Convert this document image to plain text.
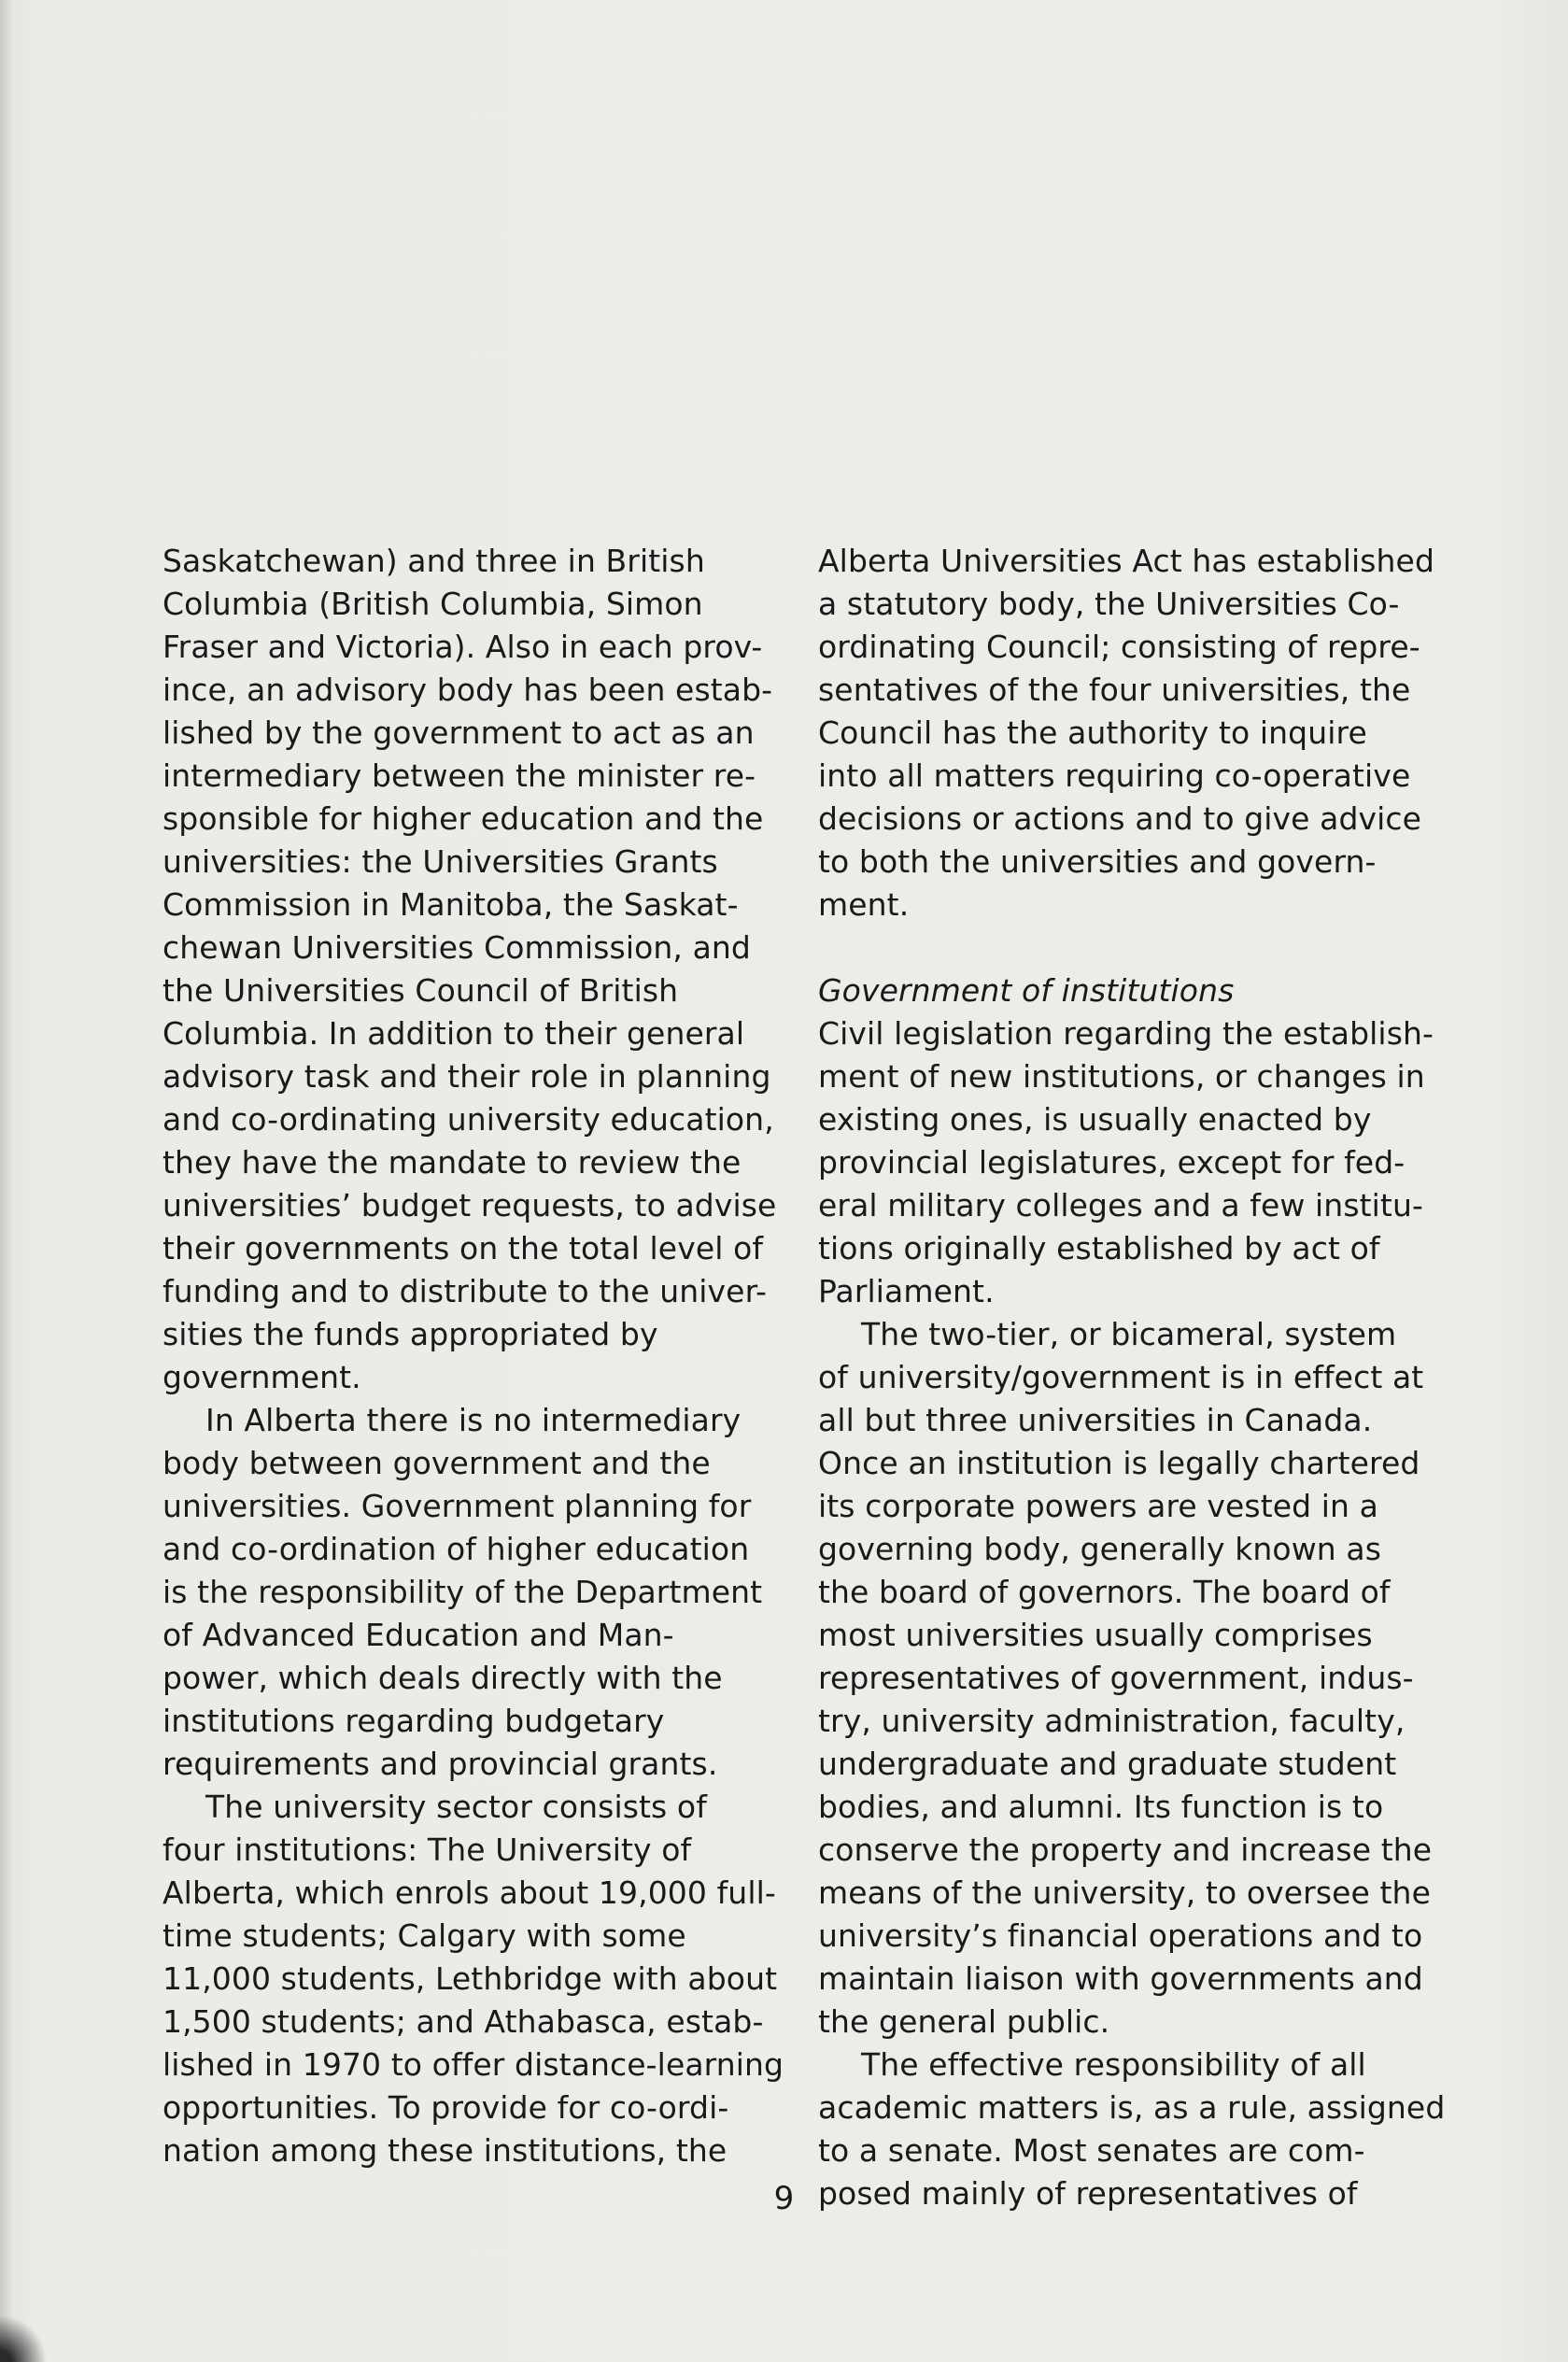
Saskatchewan) and three in British
Columbia (British Columbia, Simon
Fraser and Victoria). Also in each prov-
ince, an advisory body has been estab-
lished by the government to act as an
intermediary between the minister re-
sponsible for higher education and the
universities: the Universities Grants
Commission in Manitoba, the Saskat-
chewan Universities Commission, and
the Universities Council of British
Columbia. In addition to their general
advisory task and their role in planning
and co-ordinating university education,
they have the mandate to review the
universities’ budget requests, to advise
their governments on the total level of
funding and to distribute to the univer-
sities the funds appropriated by
government.
In Alberta there is no intermediary
body between government and the
universities. Government planning for
and co-ordination of higher education
is the responsibility of the Department
of Advanced Education and Man-
power, which deals directly with the
institutions regarding budgetary
requirements and provincial grants.
The university sector consists of
four institutions: The University of
Alberta, which enrols about 19,000 full-
time students; Calgary with some
11,000 students, Lethbridge with about
1,500 students; and Athabasca, estab-
lished in 1970 to offer distance-learning
opportunities. To provide for co-ordi-
nation among these institutions, the
Alberta Universities Act has established
a statutory body, the Universities Co-
ordinating Council; consisting of repre-
sentatives of the four universities, the
Council has the authority to inquire
into all matters requiring co-operative
decisions or actions and to give advice
to both the universities and govern-
ment.
Government of institutions
Civil legislation regarding the establish-
ment of new institutions, or changes in
existing ones, is usually enacted by
provincial legislatures, except for fed-
eral military colleges and a few institu-
tions originally established by act of
Parliament.
The two-tier, or bicameral, system
of university/government is in effect at
all but three universities in Canada.
Once an institution is legally chartered
its corporate powers are vested in a
governing body, generally known as
the board of governors. The board of
most universities usually comprises
representatives of government, indus-
try, university administration, faculty,
undergraduate and graduate student
bodies, and alumni. Its function is to
conserve the property and increase the
means of the university, to oversee the
university’s financial operations and to
maintain liaison with governments and
the general public.
The effective responsibility of all
academic matters is, as a rule, assigned
to a senate. Most senates are com-
posed mainly of representatives of
9
